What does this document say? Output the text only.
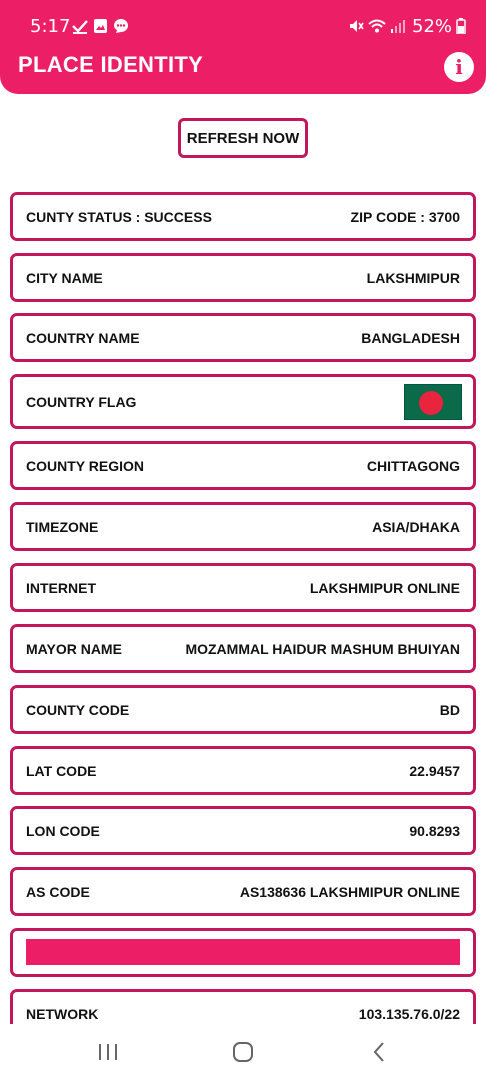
5:17	52%
PLACE IDENTITY	i
REFRESH NOW
CUNTY STATUS : SUCCESS	ZIP CODE : 3700
CITY NAME	LAKSHMIPUR
COUNTRY NAME	BANGLADESH
COUNTRY FLAG
COUNTY REGION	CHITTAGONG
TIMEZONE	ASIA/DHAKA
INTERNET	LAKSHMIPUR ONLINE
MAYOR NAME	MOZAMMAL HAIDUR MASHUM BHUIYAN
COUNTY CODE	BD
LAT CODE	22.9457
LON CODE	90.8293
AS CODE	AS138636 LAKSHMIPUR ONLINE
NETWORK	103.135.76.0/22
